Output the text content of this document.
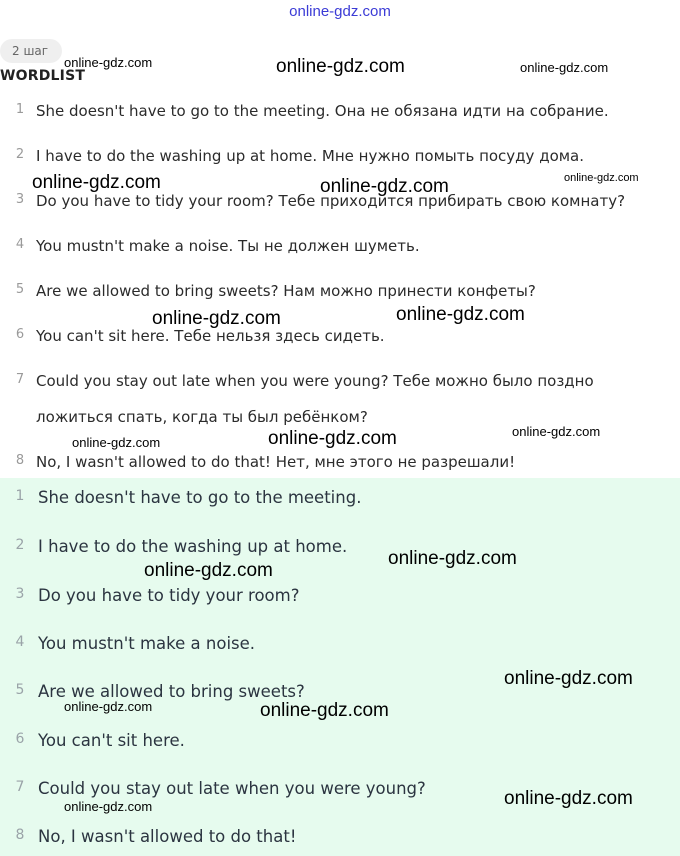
online-gdz.com
2 шаг
WORDLIST
1 She doesn't have to go to the meeting. Она не обязана идти на собрание.
2 I have to do the washing up at home. Мне нужно помыть посуду дома.
3 Do you have to tidy your room? Тебе приходится прибирать свою комнату?
4 You mustn't make a noise. Ты не должен шуметь.
5 Are we allowed to bring sweets? Нам можно принести конфеты?
6 You can't sit here. Тебе нельзя здесь сидеть.
7 Could you stay out late when you were young? Тебе можно было поздно
ложиться спать, когда ты был ребёнком?
8 No, I wasn't allowed to do that! Нет, мне этого не разрешали!
1 She doesn't have to go to the meeting.
2 I have to do the washing up at home.
3 Do you have to tidy your room?
4 You mustn't make a noise.
5 Are we allowed to bring sweets?
6 You can't sit here.
7 Could you stay out late when you were young?
8 No, I wasn't allowed to do that!
online-gdz.com	online-gdz.com	online-gdz.com
online-gdz.com	online-gdz.com	online-gdz.com
online-gdz.com	online-gdz.com
online-gdz.com	online-gdz.com	online-gdz.com
online-gdz.com
online-gdz.com
online-gdz.com
online-gdz.com	online-gdz.com
online-gdz.com
online-gdz.com
